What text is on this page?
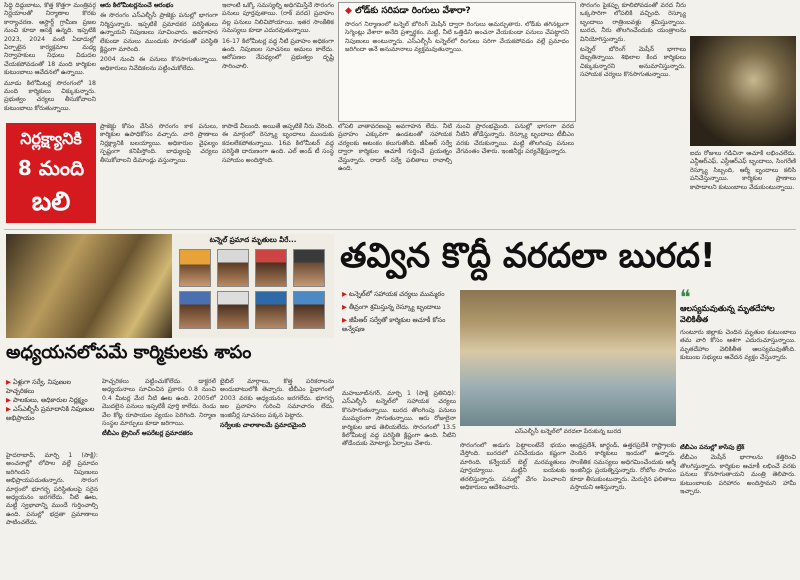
సిద్ధి దిద్దుబాటు, కొత్త కొత్తగా మంత్రివర్గ నిర్ణయాలతో నిర్మాణాల కొరకు కార్యాచరణ. ఆస్టార్డ్ గ్రామీణ ప్రజల నుంచి కూడా ఆసక్తి ఉన్నది. ఇప్పటికి 2023, 2024 వంటి ఏడాదుల్లో ఏర్పాటైన కార్యక్రమాల మధ్య నిర్వాహకులు నిధులు విడుదల చేయకపోవడంతో 18 మంది కార్మికుల కుటుంబాలు ఆవేదనలో ఉన్నాయి.

మూడు కిలోమీటర్ల సొరంగంలో 18 మంది కార్మికులు చిక్కుకున్నారు. ప్రభుత్వం చర్యలు తీసుకోవాలని కుటుంబాలు కోరుతున్నాయి.

ఆరు కిలోమీటర్లనుంచే ఆరంభం

ఈ సొరంగం ఎస్ఎల్బీసీ ప్రాజెక్టు పనుల్లో భాగంగా నిర్మిస్తున్నారు. ఇప్పటికే ప్రమాదకర పరిస్థితులు ఉన్నాయని నిపుణులు సూచించారు. అవగాహన లేకుండా పనులు ముందుకు సాగడంతో పరిస్థితి క్లిష్టంగా మారింది.

2004 నుంచి ఈ పనులు కొనసాగుతున్నాయి. అధికారులు నివేదికలను పట్టించుకోలేదు.

ఇలాంటి ఒక్కో సమస్యల్ని అధిగమిస్తేనే సొరంగం పనులు పూర్తవుతాయి. (రాక్ వరద) ప్రవాహం వల్ల పనులు నిలిచిపోయాయి. ఇతర సాంకేతిక సమస్యలు కూడా ఎదురవుతున్నాయి.

16-17 కిలోమీటర్ల వద్ద నీటి ప్రవాహం అధికంగా ఉంది. నిపుణుల సూచనలు అమలు కాలేదు. ఆరోపణల నేపథ్యంలో ప్రభుత్వం దృష్టి సారించాలి.

◆ లోడ్‌కు సరిపడా రింగులు వేశారా?
సొరంగ నిర్మాణంలో టన్నెల్ బోరింగ్ మెషీన్ ద్వారా రింగులు అమర్చుతారు. లోడ్‌కు తగినట్లుగా సెగ్మెంట్లు వేశారా అనేది ప్రశ్నార్థకం. మట్టి, నీటి ఒత్తిడిని అంచనా వేయకుండా పనులు చేపట్టారని నిపుణులు అంటున్నారు. ఎస్ఎల్బీసీ టన్నెల్‌లో రింగులు సరిగా వేయకపోవడం వల్లే ప్రమాదం జరిగిందా అనే అనుమానాలు వ్యక్తమవుతున్నాయి.

సొరంగం పైకప్పు కూలిపోవడంతో వరద నీరు ఒక్కసారిగా లోపలికి వచ్చింది. రెస్క్యూ బృందాలు రాత్రింబవళ్లు శ్రమిస్తున్నాయి. బురద, నీరు తొలగించేందుకు యంత్రాలను వినియోగిస్తున్నారు.

టన్నెల్ బోరింగ్ మెషీన్ భాగాలు దెబ్బతిన్నాయి. శిథిలాల కింద కార్మికులు చిక్కుకున్నారని అనుమానిస్తున్నారు. సహాయక చర్యలు కొనసాగుతున్నాయి.

ఐదు రోజులు గడిచినా ఆచూకీ లభించలేదు. ఎన్డీఆర్ఎఫ్, ఎస్డీఆర్ఎఫ్ బృందాలు, సింగరేణి రెస్క్యూ సిబ్బంది, ఆర్మీ బృందాలు కలిసి పనిచేస్తున్నాయి. కార్మికుల ప్రాణాలు కాపాడాలని కుటుంబాలు వేడుకుంటున్నాయి.

నిర్లక్ష్యానికి
8 మంది
బలి

ప్రాజెక్టు కోసం వేసిన సొరంగం కాక పనులు, కార్మికుల ఉపాధికోసం వచ్చారు. వారి ప్రాణాలు నిర్లక్ష్యానికి బలయ్యాయి. అధికారుల వైఫల్యం స్పష్టంగా కనిపిస్తోంది. బాధ్యులపై చర్యలు తీసుకోవాలని డిమాండ్లు వస్తున్నాయి.

కాపాడే వీలుంది. అయితే అప్పటికే నీరు చేరింది. ఈ మార్గంలో రెస్క్యూ బృందాలు ముందుకు కదలలేకపోతున్నాయి. 16వ కిలోమీటర్ వద్ద పరిస్థితి దారుణంగా ఉంది. ఎల్ అండ్ టీ సంస్థ సహాయం అందిస్తోంది.

లోపలి వాతావరణంపై అవగాహన లేదు. నీటి ప్రవాహం ఎక్కువగా ఉండటంతో సహాయక చర్యలకు ఆటంకం కలుగుతోంది. జీపీఆర్ సర్వే ద్వారా కార్మికుల ఆచూకీ గుర్తించే ప్రయత్నం చేస్తున్నారు. రాడార్ సర్వే ఫలితాలు రావాల్సి ఉంది.

నుంచి ప్రారంభమైంది. పనుల్లో భాగంగా వరద నీటిని తోడేస్తున్నారు. రెస్క్యూ బృందాలు టీబీఎం వరకు చేరుకున్నాయి. మట్టి తొలగింపు పనులు వేగవంతం చేశారు. ఇంజినీర్లు పర్యవేక్షిస్తున్నారు.

టన్నెల్ ప్రమాద మృతులు వీరే...
అధ్యయనలోపమే కార్మికులకు శాపం
▶ ఏళ్లుగా సర్వే, నిపుణుల హెచ్చరికలు
▶ పాలకులు, అధికారుల నిర్లక్ష్యం
▶ ఎస్ఎల్బీసీ ప్రమాదానికి నిపుణుల అభిప్రాయం

హైదరాబాద్, మార్చి 1 (సాక్షి): అంచనాల్లో లోపాల వల్లే ప్రమాదం జరిగిందని నిపుణులు అభిప్రాయపడుతున్నారు. సొరంగ మార్గంలో భూగర్భ పరిస్థితులపై సరైన అధ్యయనం జరగలేదు. నీటి ఊట, మట్టి స్వభావాన్ని ముందే గుర్తించాల్సి ఉంది. పనుల్లో భద్రతా ప్రమాణాలు పాటించలేదు.

హెచ్చరికలు పట్టించుకోలేదు. డాక్టరల్ అధ్యయనాలు సూచించిన ప్రకారం 0.8 నుంచి 0.4 మీటర్ల మేర నీటి ఊట ఉంది. 2005లో మొదలైన పనులు ఇప్పటికీ పూర్తి కాలేదు. రెండు వేల కోట్ల రూపాయల వ్యయం పెరిగింది. నిర్మాణ సంస్థల మార్పులు కూడా జరిగాయి.

టీబీఎం ట్రైనింగ్ ఆపరేటర్ల ప్రమాదకరం

బైబిల్ మార్గాలు, కొత్త పరికరాలను అందుబాటులోకి తెచ్చారు. టీబీఎం పైభాగంలో 2003 వరకు అధ్యయనం జరగలేదు. భూగర్భ జల ప్రవాహం గురించి సమాచారం లేదు. ఇంజినీర్ల సూచనలు పక్కన పెట్టారు.

సర్వేలకు చాలాకాలమే ప్రమాదమైంది

తవ్విన కొద్దీ వరదలా బురద!
▶ టన్నెల్‌లో సహాయక చర్యలు ముమ్మరం
▶ తీవ్రంగా శ్రమిస్తున్న రెస్క్యూ బృందాలు
▶ జీపీఆర్ సర్వేతో కార్మికుల ఆచూకీ కోసం అన్వేషణ
ఎస్ఎల్బీసీ టన్నెల్‌లో వరదలా పేరుకున్న బురద
❝
ఆలస్యమవుతున్న మృతదేహాల వెలికితీత
గుంటూరు జిల్లాకు చెందిన మృతుల కుటుంబాలు తమ వారి కోసం ఆశగా ఎదురుచూస్తున్నాయి. మృతదేహాల వెలికితీత ఆలస్యమవుతోంది. కుటుంబ సభ్యులు ఆవేదన వ్యక్తం చేస్తున్నారు.

మహబూబ్‌నగర్, మార్చి 1 (సాక్షి ప్రతినిధి): ఎస్ఎల్బీసీ టన్నెల్‌లో సహాయక చర్యలు కొనసాగుతున్నాయి. బురద తొలగింపు పనులు ముమ్మరంగా సాగుతున్నాయి. ఆరు రోజులైనా కార్మికుల జాడ తెలియలేదు. సొరంగంలో 13.5 కిలోమీటర్ల వద్ద పరిస్థితి క్లిష్టంగా ఉంది. నీటిని తోడేందుకు మోటార్లు ఏర్పాటు చేశారు.	సొరంగంలో అడుగు పెట్టాలంటేనే భయం వేస్తోంది. బురదలో పనిచేయడం కష్టంగా మారింది. కన్వేయర్ బెల్ట్ మరమ్మతులు పూర్తయ్యాయి. మట్టిని బయటకు తరలిస్తున్నారు. పనుల్లో వేగం పెంచాలని అధికారులు ఆదేశించారు.

ఆంధ్రప్రదేశ్, జార్ఖండ్, ఉత్తరప్రదేశ్ రాష్ట్రాలకు చెందిన కార్మికులు ఇందులో ఉన్నారు. సాంకేతిక సమస్యలు అధిగమించేందుకు ఆర్మీ ఇంజినీర్లు ప్రయత్నిస్తున్నారు. రోబోల సాయం కూడా తీసుకుంటున్నారు. మెరుగైన ఫలితాలు వస్తాయని ఆశిస్తున్నారు.

టీబీఎం పనుల్లో కాసేపు బ్రేక్

టీబీఎం మెషీన్ భాగాలను కత్తిరించి తొలగిస్తున్నారు. కార్మికుల ఆచూకీ లభించే వరకు పనులు కొనసాగుతాయని మంత్రి తెలిపారు. కుటుంబాలకు పరిహారం అందిస్తామని హామీ ఇచ్చారు.
